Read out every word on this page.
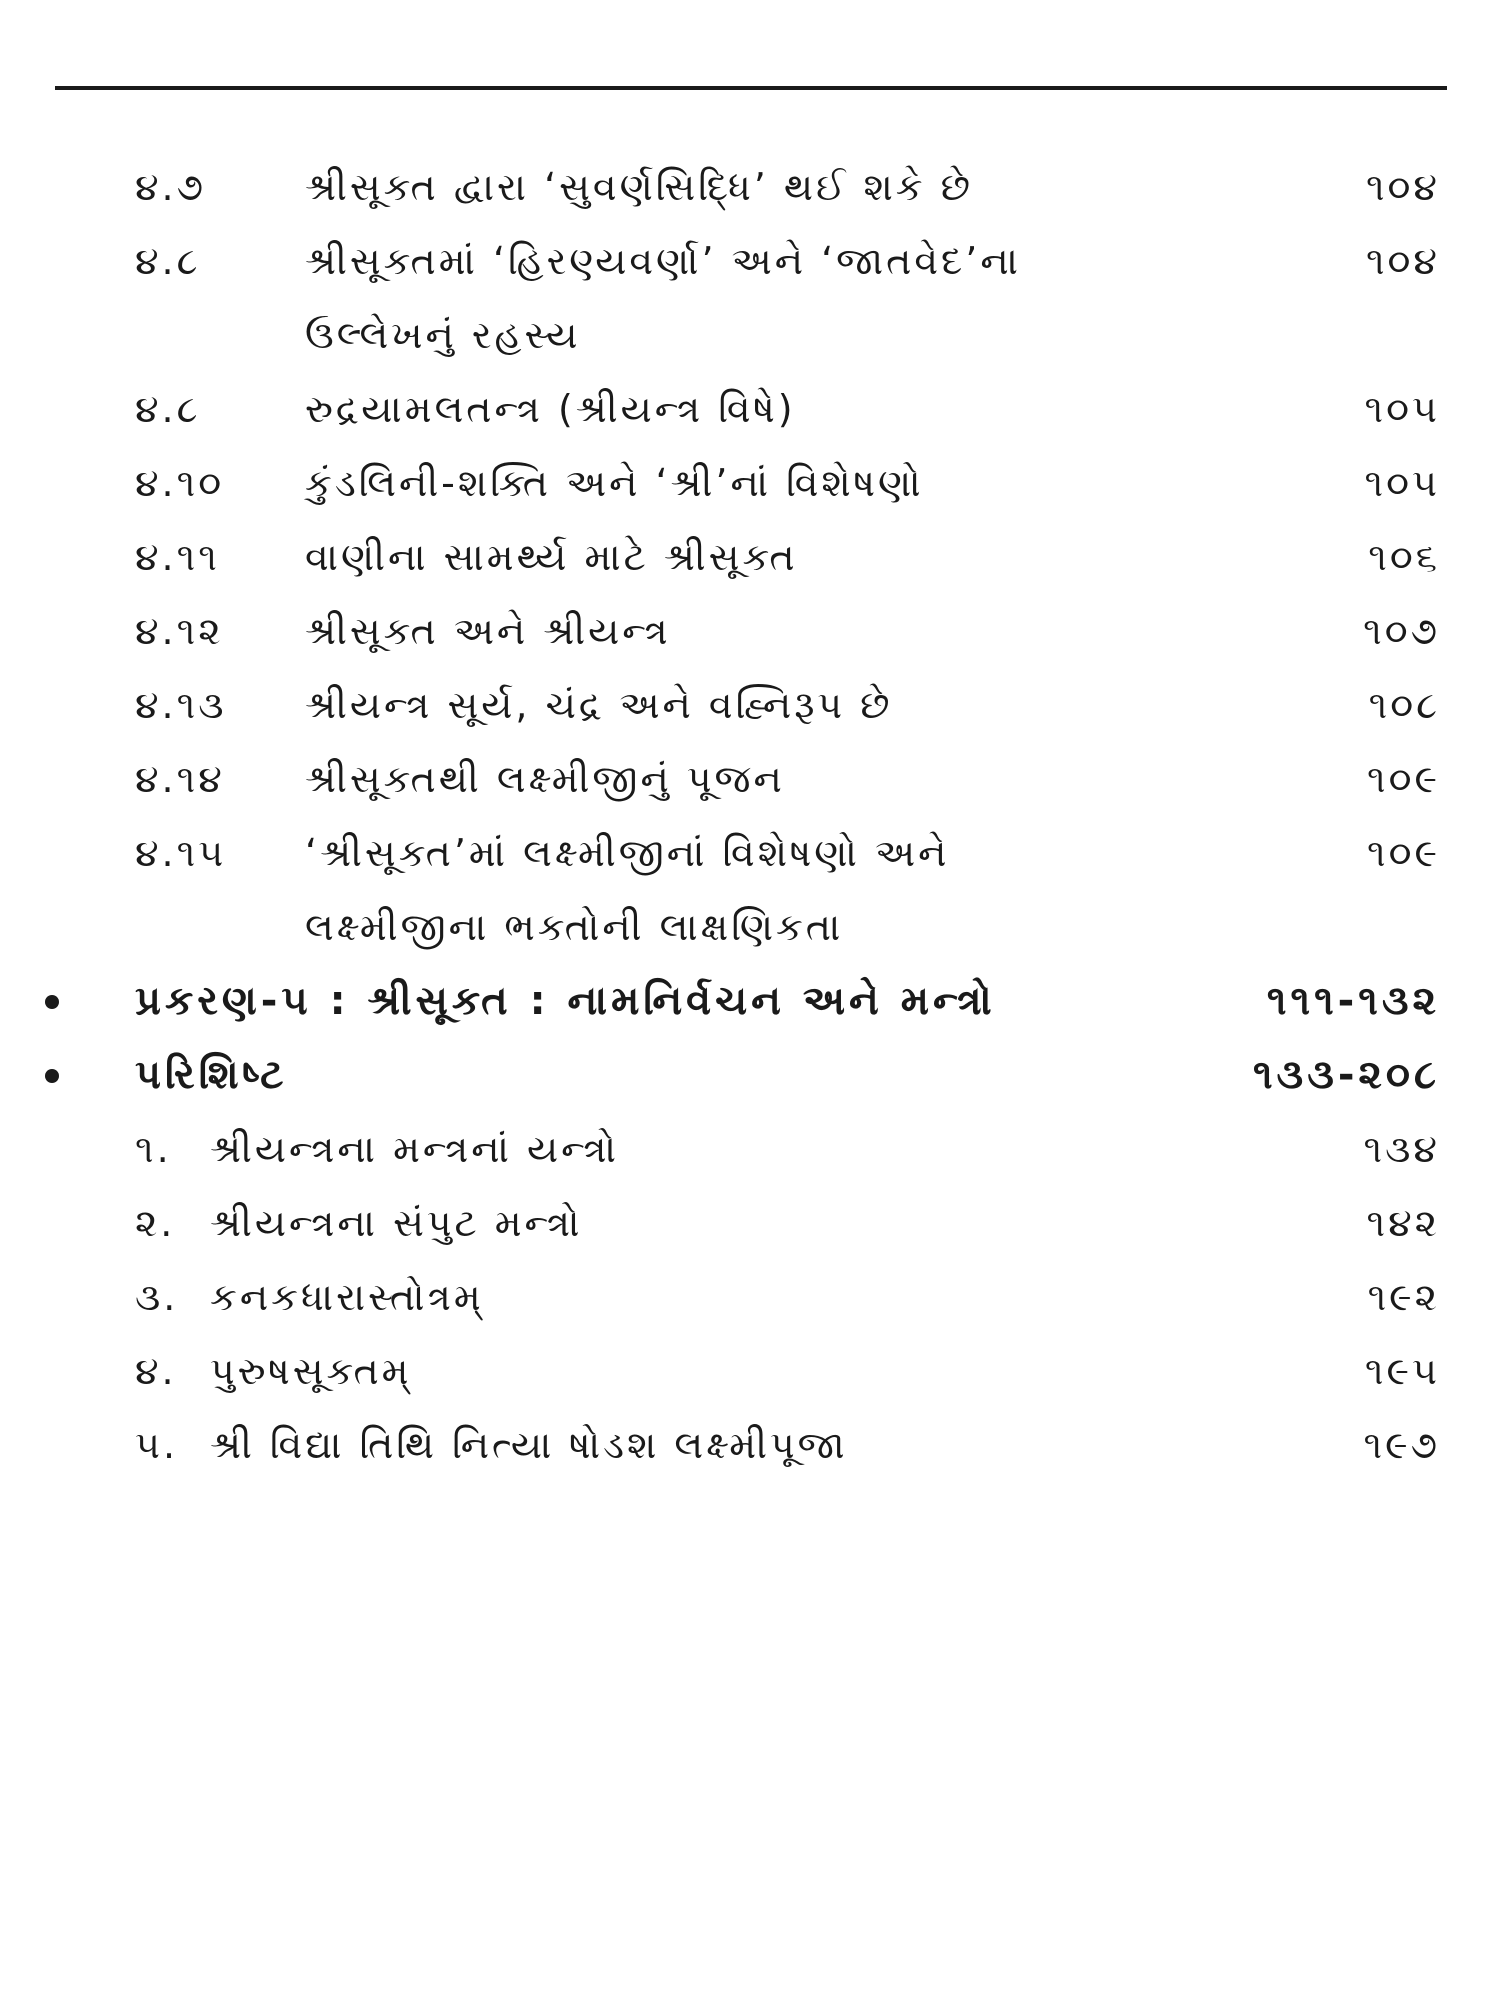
૪.૭	શ્રીસૂક્ત દ્વારા ‘સુવર્ણસિદ્ધિ’ થઈ શકે છે	૧૦૪
૪.૮	શ્રીસૂક્તમાં ‘હિરણ્યવર્ણા’ અને ‘જાતવેદ’ના	૧૦૪
ઉલ્લેખનું રહસ્ય
૪.૮	રુદ્રયામલતન્ત્ર (શ્રીયન્ત્ર વિષે)	૧૦૫
૪.૧૦ કુંડલિની-શક્તિ અને ‘શ્રી’નાં વિશેષણો	૧૦૫
૪.૧૧ વાણીના સામર્થ્ય માટે શ્રીસૂક્ત	૧૦૬
૪.૧૨ શ્રીસૂક્ત અને શ્રીયન્ત્ર	૧૦૭
૪.૧૩ શ્રીયન્ત્ર સૂર્ય, ચંદ્ર અને વહ્નિરૂપ છે	૧૦૮
૪.૧૪ શ્રીસૂક્તથી લક્ષ્મીજીનું પૂજન	૧૦૯
૪.૧૫ ‘શ્રીસૂક્ત’માં લક્ષ્મીજીનાં વિશેષણો અને	૧૦૯
લક્ષ્મીજીના ભક્તોની લાક્ષણિકતા
પ્રકરણ-૫ : શ્રીસૂક્ત : નામનિર્વચન અને મન્ત્રો	૧૧૧-૧૩૨
પરિશિષ્ટ	૧૩૩-૨૦૮
૧. શ્રીયન્ત્રના મન્ત્રનાં યન્ત્રો	૧૩૪
૨. શ્રીયન્ત્રના સંપુટ મન્ત્રો	૧૪૨
૩. કનકધારાસ્તોત્રમ્	૧૯૨
૪. પુરુષસૂક્તમ્	૧૯૫
૫. શ્રી વિદ્યા તિથિ નિત્યા ષોડશ લક્ષ્મીપૂજા	૧૯૭
